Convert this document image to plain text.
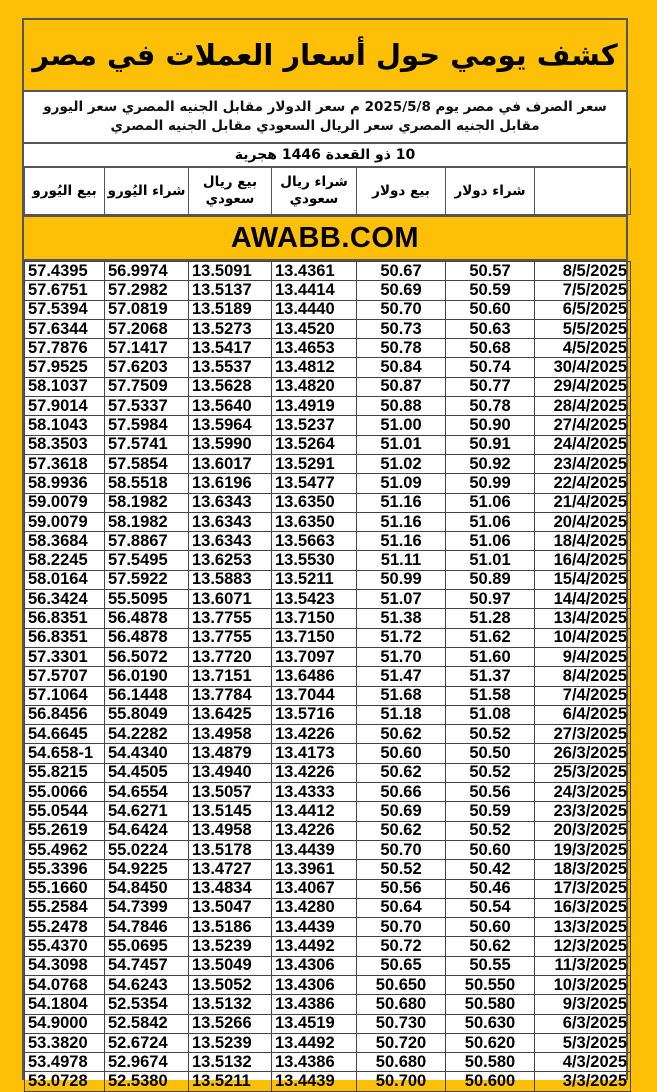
كشف يومي حول أسعار العملات في مصر
سعر الصرف في مصر يوم 2025/5/8 م سعر الدولار مقابل الجنيه المصري سعر اليورو مقابل الجنيه المصري سعر الريال السعودي مقابل الجنيه المصري
10 ذو القعدة 1446 هجرية
بيع اليُورو	شراء اليُورو	بيع ريال سعودي	شراء ريال سعودي	بيع دولار	شراء دولار	
AWABB.COM
57.4395	56.9974	13.5091	13.4361	50.67	50.57	8/5/2025
57.6751	57.2982	13.5137	13.4414	50.69	50.59	7/5/2025
57.5394	57.0819	13.5189	13.4440	50.70	50.60	6/5/2025
57.6344	57.2068	13.5273	13.4520	50.73	50.63	5/5/2025
57.7876	57.1417	13.5417	13.4653	50.78	50.68	4/5/2025
57.9525	57.6203	13.5537	13.4812	50.84	50.74	30/4/2025
58.1037	57.7509	13.5628	13.4820	50.87	50.77	29/4/2025
57.9014	57.5337	13.5640	13.4919	50.88	50.78	28/4/2025
58.1043	57.5984	13.5964	13.5237	51.00	50.90	27/4/2025
58.3503	57.5741	13.5990	13.5264	51.01	50.91	24/4/2025
57.3618	57.5854	13.6017	13.5291	51.02	50.92	23/4/2025
58.9936	58.5518	13.6196	13.5477	51.09	50.99	22/4/2025
59.0079	58.1982	13.6343	13.6350	51.16	51.06	21/4/2025
59.0079	58.1982	13.6343	13.6350	51.16	51.06	20/4/2025
58.3684	57.8867	13.6343	13.5663	51.16	51.06	18/4/2025
58.2245	57.5495	13.6253	13.5530	51.11	51.01	16/4/2025
58.0164	57.5922	13.5883	13.5211	50.99	50.89	15/4/2025
56.3424	55.5095	13.6071	13.5423	51.07	50.97	14/4/2025
56.8351	56.4878	13.7755	13.7150	51.38	51.28	13/4/2025
56.8351	56.4878	13.7755	13.7150	51.72	51.62	10/4/2025
57.3301	56.5072	13.7720	13.7097	51.70	51.60	9/4/2025
57.5707	56.0190	13.7151	13.6486	51.47	51.37	8/4/2025
57.1064	56.1448	13.7784	13.7044	51.68	51.58	7/4/2025
56.8456	55.8049	13.6425	13.5716	51.18	51.08	6/4/2025
54.6645	54.2282	13.4958	13.4226	50.62	50.52	27/3/2025
54.658-1	54.4340	13.4879	13.4173	50.60	50.50	26/3/2025
55.8215	54.4505	13.4940	13.4226	50.62	50.52	25/3/2025
55.0066	54.6554	13.5057	13.4333	50.66	50.56	24/3/2025
55.0544	54.6271	13.5145	13.4412	50.69	50.59	23/3/2025
55.2619	54.6424	13.4958	13.4226	50.62	50.52	20/3/2025
55.4962	55.0224	13.5178	13.4439	50.70	50.60	19/3/2025
55.3396	54.9225	13.4727	13.3961	50.52	50.42	18/3/2025
55.1660	54.8450	13.4834	13.4067	50.56	50.46	17/3/2025
55.2584	54.7399	13.5047	13.4280	50.64	50.54	16/3/2025
55.2478	54.7846	13.5186	13.4439	50.70	50.60	13/3/2025
55.4370	55.0695	13.5239	13.4492	50.72	50.62	12/3/2025
54.3098	54.7457	13.5049	13.4306	50.65	50.55	11/3/2025
54.0768	54.6243	13.5052	13.4306	50.650	50.550	10/3/2025
54.1804	52.5354	13.5132	13.4386	50.680	50.580	9/3/2025
54.9000	52.5842	13.5266	13.4519	50.730	50.630	6/3/2025
53.3820	52.6724	13.5239	13.4492	50.720	50.620	5/3/2025
53.4978	52.9674	13.5132	13.4386	50.680	50.580	4/3/2025
53.0728	52.5380	13.5211	13.4439	50.700	50.600	3/3/2025
